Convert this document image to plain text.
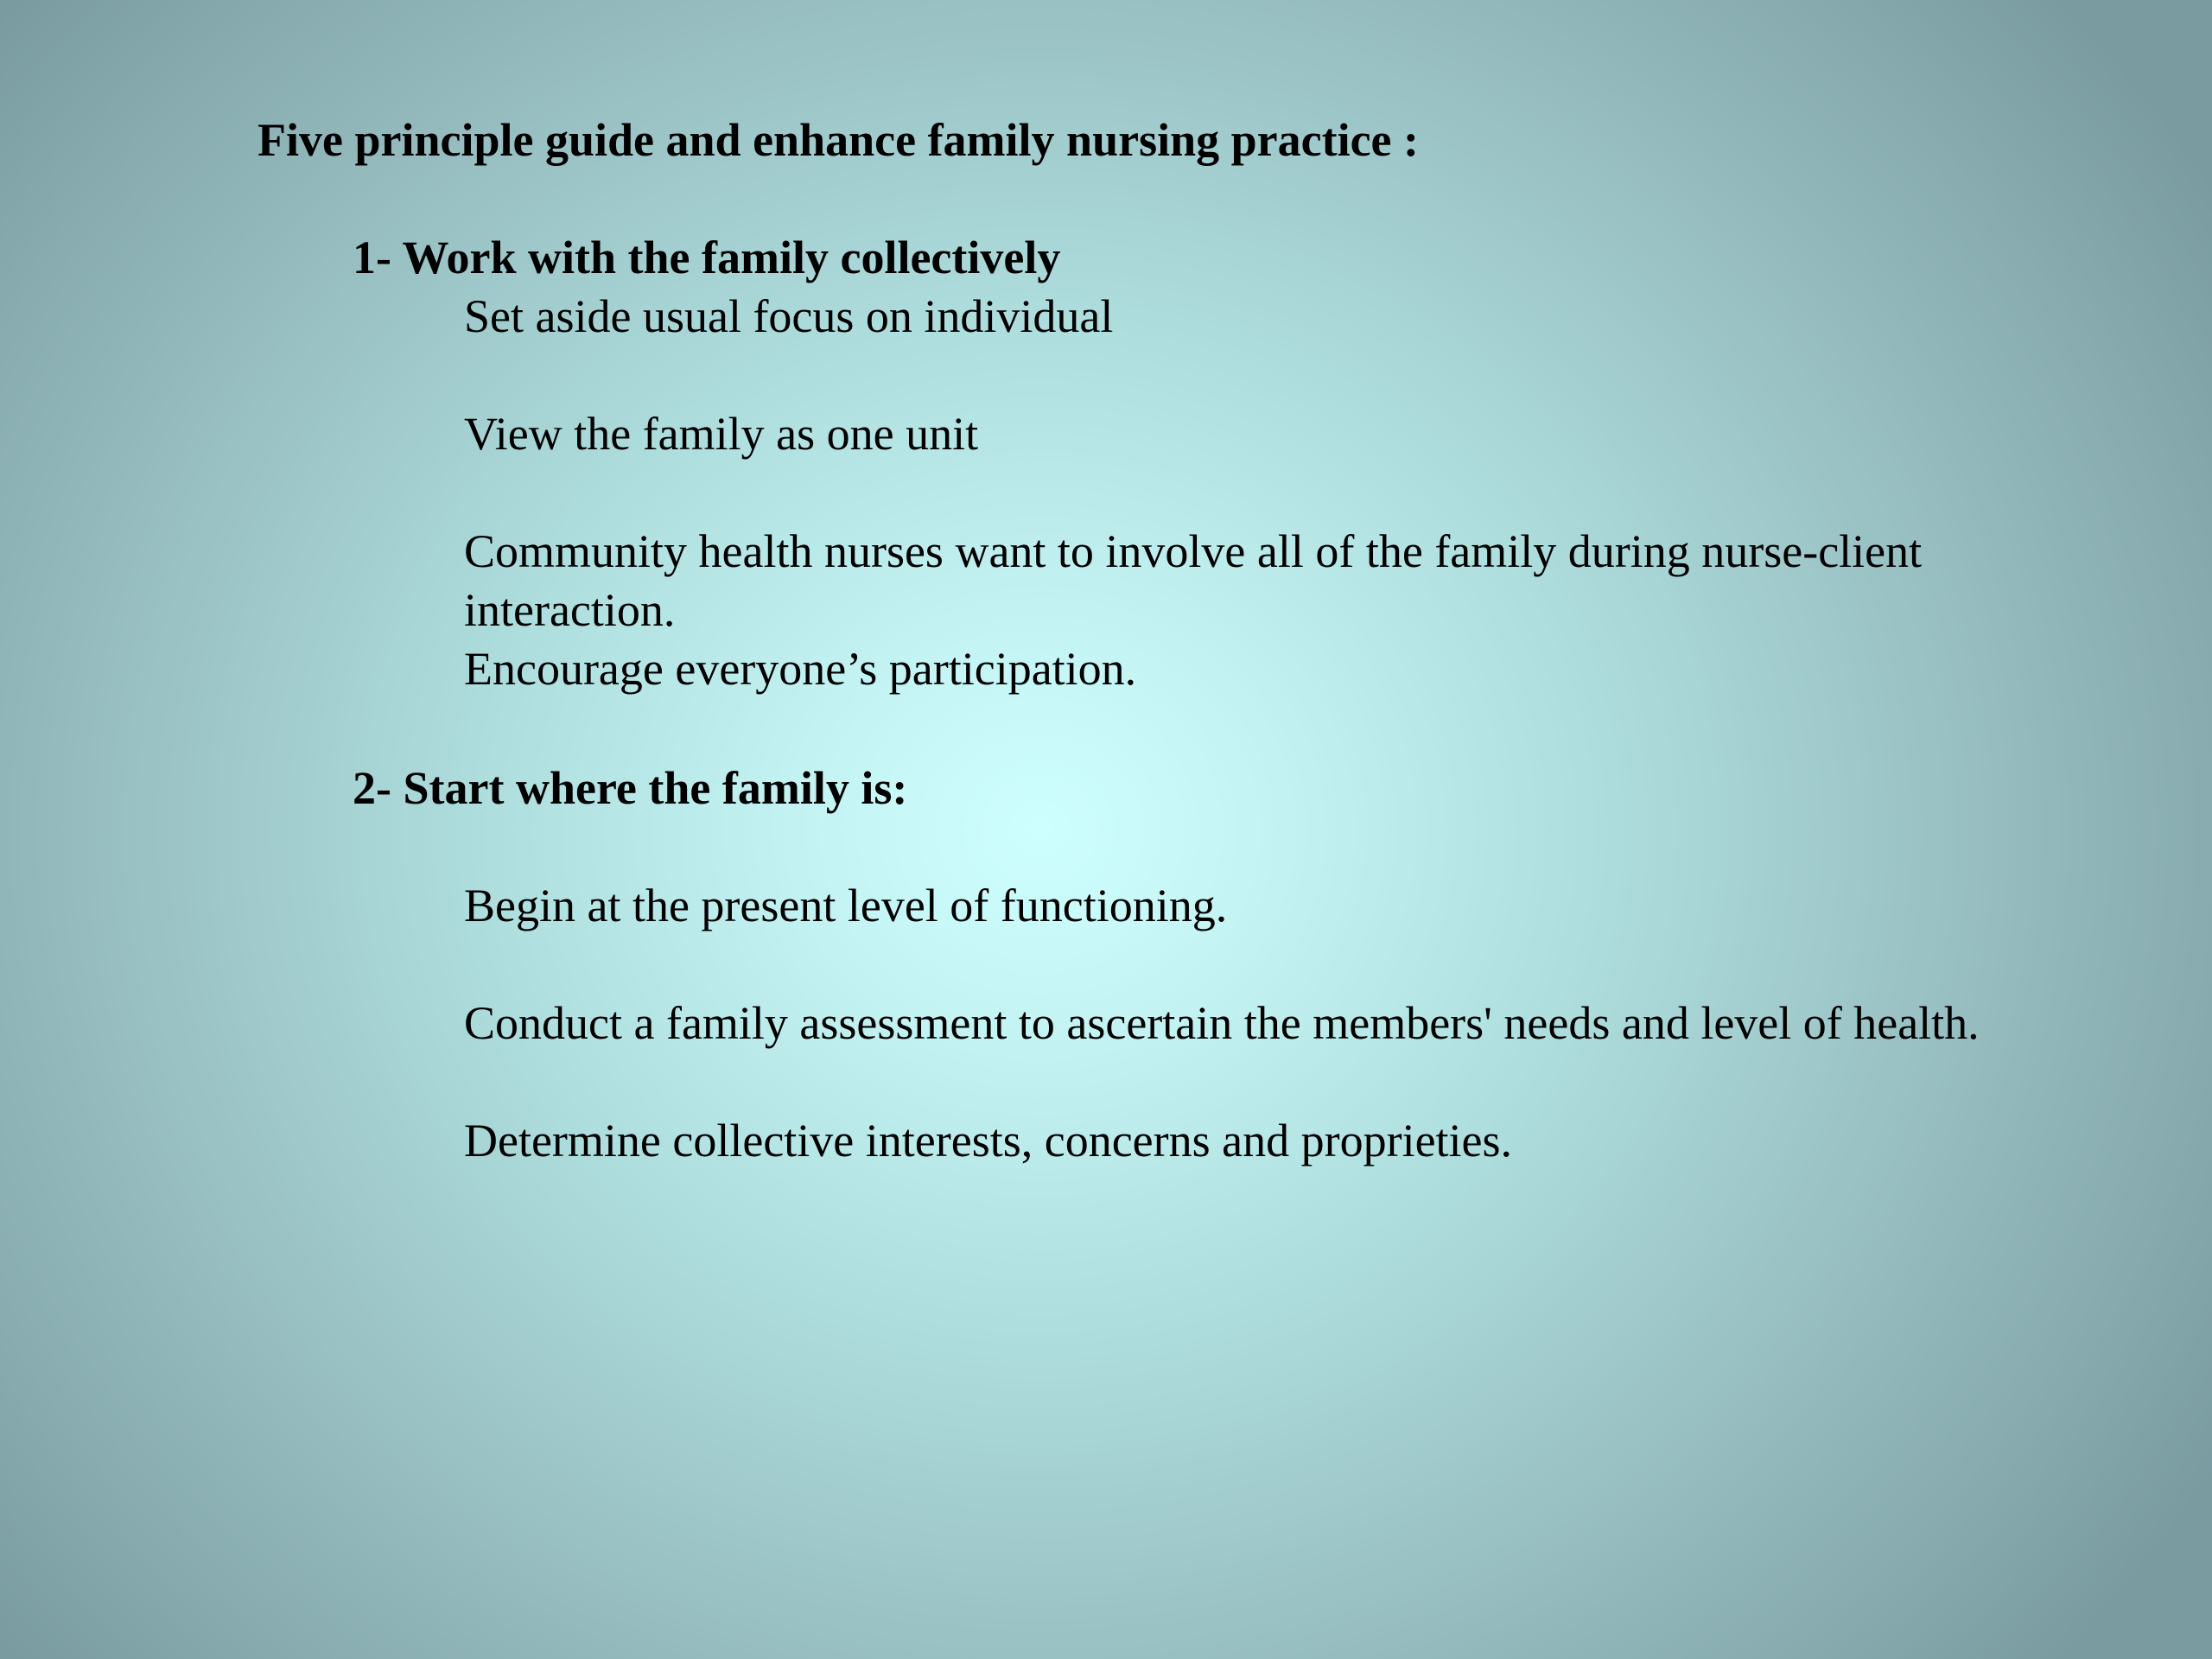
Five principle guide and enhance family nursing practice :
1- Work with the family collectively

Set aside usual focus on individual

View the family as one unit

Community health nurses want to involve all of the family during nurse-client interaction.

Encourage everyone’s participation.

2- Start where the family is:

Begin at the present level of functioning.

Conduct a family assessment to ascertain the members' needs and level of health.

Determine collective interests, concerns and proprieties.
